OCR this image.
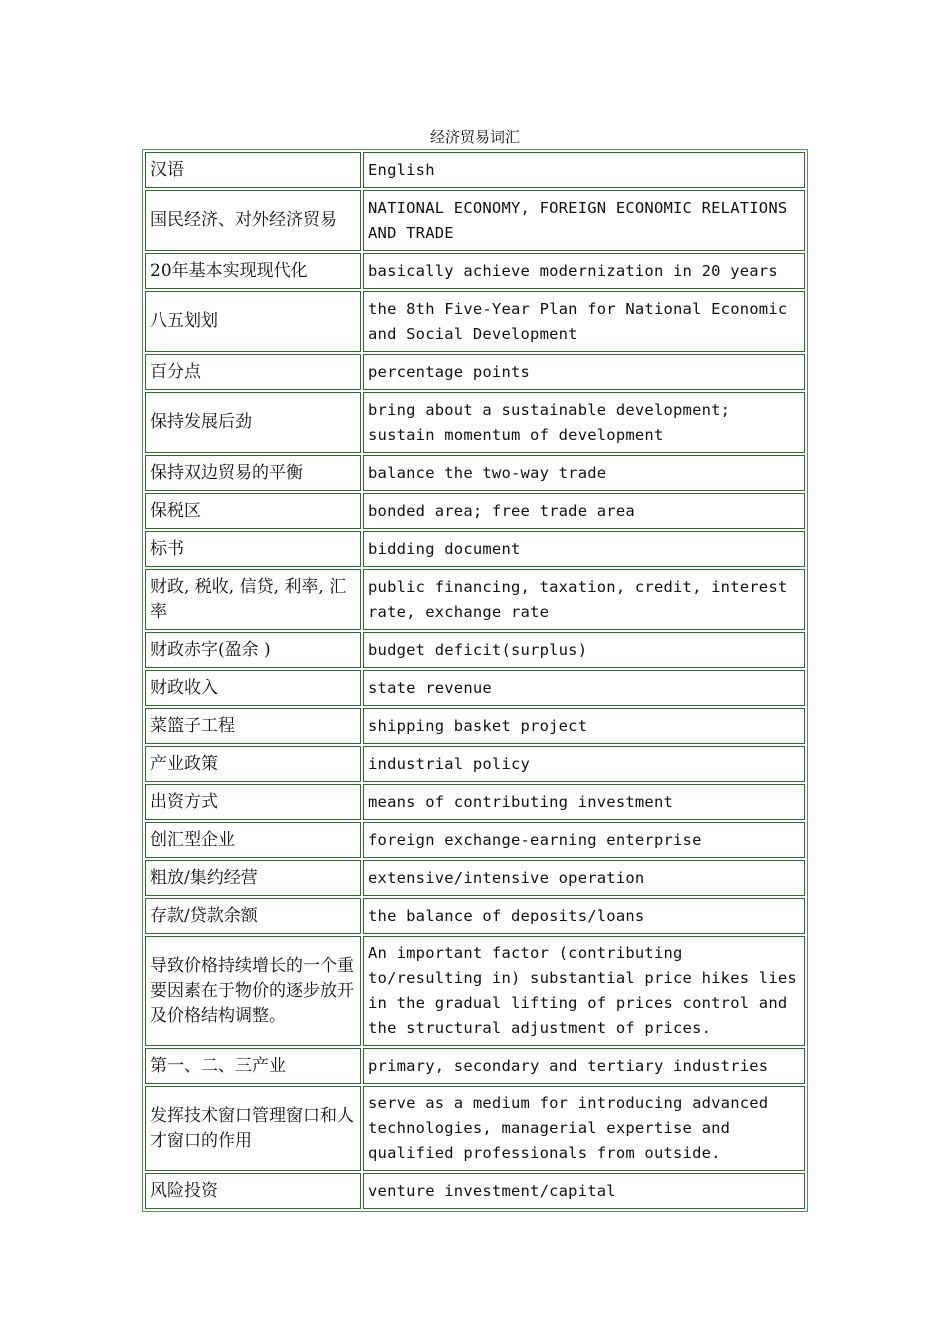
经济贸易词汇
汉语	English
国民经济、对外经济贸易	NATIONAL ECONOMY, FOREIGN ECONOMIC RELATIONS AND TRADE
20年基本实现现代化	basically achieve modernization in 20 years
八五划划	the 8th Five-Year Plan for National Economic and Social Development
百分点	percentage points
保持发展后劲	bring about a sustainable development; sustain momentum of development
保持双边贸易的平衡	balance the two-way trade
保税区	bonded area; free trade area
标书	bidding document
财政, 税收, 信贷, 利率, 汇率	public financing, taxation, credit, interest rate, exchange rate
财政赤字(盈余 )	budget deficit(surplus)
财政收入	state revenue
菜篮子工程	shipping basket project
产业政策	industrial policy
出资方式	means of contributing investment
创汇型企业	foreign exchange-earning enterprise
粗放/集约经营	extensive/intensive operation
存款/贷款余额	the balance of deposits/loans
导致价格持续增长的一个重要因素在于物价的逐步放开及价格结构调整。	An important factor (contributing to/resulting in) substantial price hikes lies in the gradual lifting of prices control and the structural adjustment of prices.
第一、二、三产业	primary, secondary and tertiary industries
发挥技术窗口管理窗口和人才窗口的作用	serve as a medium for introducing advanced technologies, managerial expertise and qualified professionals from outside.
风险投资	venture investment/capital
